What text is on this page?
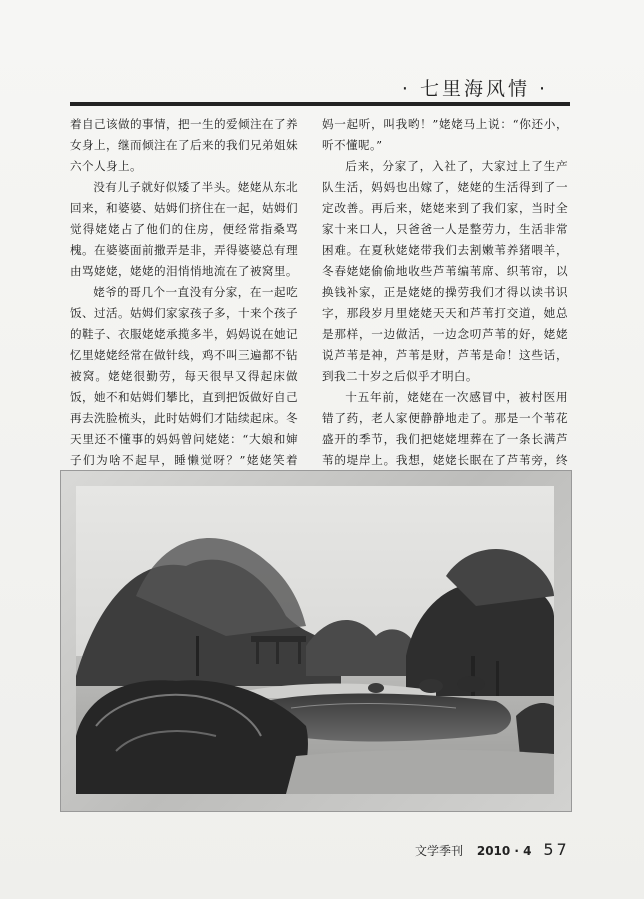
· 七里海风情 ·

着自己该做的事情，把一生的爱倾注在了养女身上，继而倾注在了后来的我们兄弟姐妹六个人身上。

没有儿子就好似矮了半头。姥姥从东北回来，和婆婆、姑姆们挤住在一起，姑姆们觉得姥姥占了他们的住房，便经常指桑骂槐。在婆婆面前撒弄是非，弄得婆婆总有理由骂姥姥，姥姥的泪悄悄地流在了被窝里。

姥爷的哥几个一直没有分家，在一起吃饭、过活。姑姆们家家孩子多，十来个孩子的鞋子、衣服姥姥承揽多半，妈妈说在她记忆里姥姥经常在做针线，鸡不叫三遍都不钻被窝。姥姥很勤劳，每天很早又得起床做饭，她不和姑姆们攀比，直到把饭做好自己再去洗脸梳头，此时姑姆们才陆续起床。冬天里还不懂事的妈妈曾问姥姥：“大娘和婶子们为啥不起早，睡懒觉呀？”姥姥笑着

妈一起听，叫我哟！”姥姥马上说：“你还小，听不懂呢。”

后来，分家了，入社了，大家过上了生产队生活，妈妈也出嫁了，姥姥的生活得到了一定改善。再后来，姥姥来到了我们家，当时全家十来口人，只爸爸一人是整劳力，生活非常困难。在夏秋姥姥带我们去割嫩苇养猪喂羊，冬春姥姥偷偷地收些芦苇编苇席、织苇帘，以换钱补家，正是姥姥的操劳我们才得以读书识字，那段岁月里姥姥天天和芦苇打交道，她总是那样，一边做活，一边念叨芦苇的好，姥姥说芦苇是神，芦苇是财，芦苇是命！这些话，到我二十岁之后似乎才明白。

十五年前，姥姥在一次感冒中，被村医用错了药，老人家便静静地走了。那是一个苇花盛开的季节，我们把姥姥埋葬在了一条长满芦苇的堤岸上。我想，姥姥长眠在了芦苇旁，终

文学季刊 2010 · 4 57
